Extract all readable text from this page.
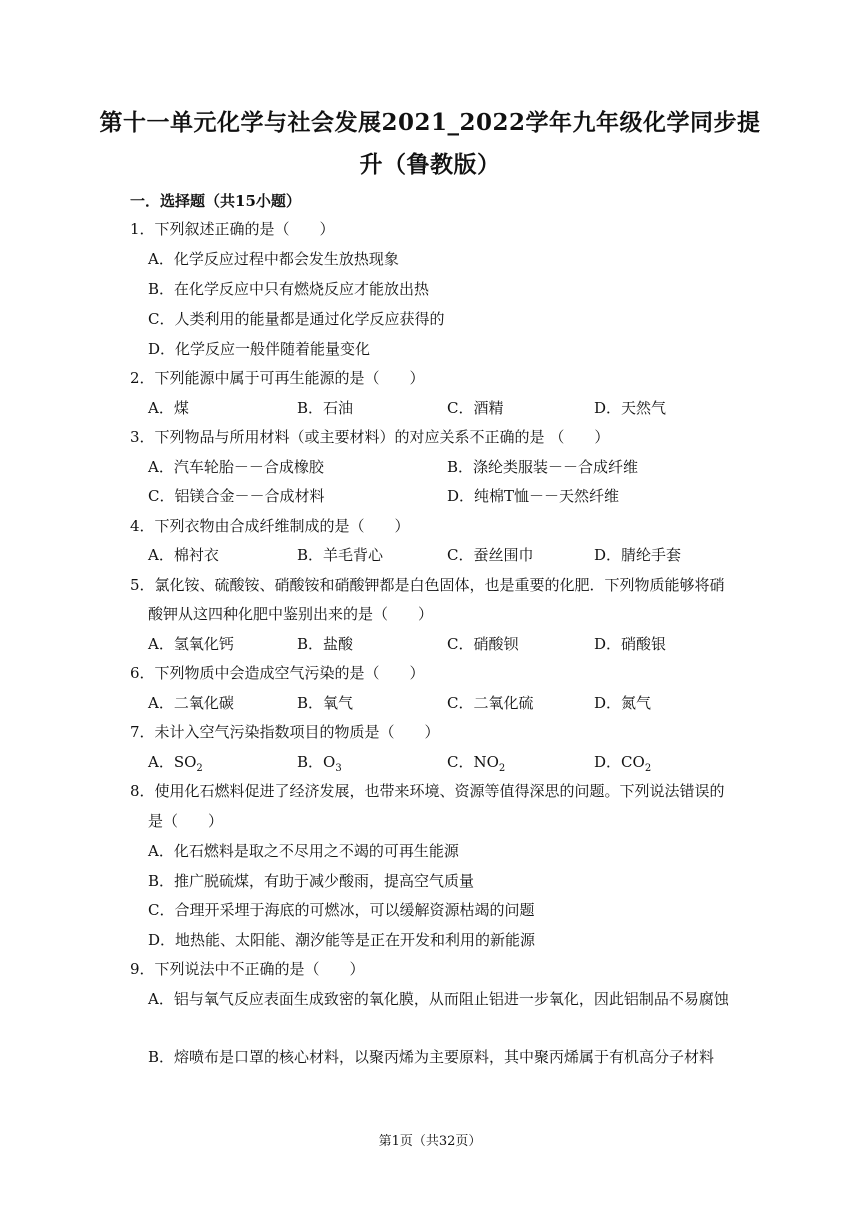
第十一单元化学与社会发展2021_2022学年九年级化学同步提
升（鲁教版）
一．选择题（共15小题）
1．下列叙述正确的是（　　）
A．化学反应过程中都会发生放热现象
B．在化学反应中只有燃烧反应才能放出热
C．人类利用的能量都是通过化学反应获得的
D．化学反应一般伴随着能量变化
2．下列能源中属于可再生能源的是（　　）
A．煤	B．石油	C．酒精	D．天然气
3．下列物品与所用材料（或主要材料）的对应关系不正确的是 （　　）
A．汽车轮胎－－合成橡胶	B．涤纶类服装－－合成纤维
C．铝镁合金－－合成材料	D．纯棉T恤－－天然纤维
4．下列衣物由合成纤维制成的是（　　）
A．棉衬衣	B．羊毛背心	C．蚕丝围巾	D．腈纶手套
5．氯化铵、硫酸铵、硝酸铵和硝酸钾都是白色固体，也是重要的化肥．下列物质能够将硝
酸钾从这四种化肥中鉴别出来的是（　　）
A．氢氧化钙	B．盐酸	C．硝酸钡	D．硝酸银
6．下列物质中会造成空气污染的是（　　）
A．二氧化碳	B．氧气	C．二氧化硫	D．氮气
7．未计入空气污染指数项目的物质是（　　）
A．$SO_2$	B．$O_3$	C．$NO_2$	D．$CO_2$
8．使用化石燃料促进了经济发展，也带来环境、资源等值得深思的问题。下列说法错误的
是（　　）
A．化石燃料是取之不尽用之不竭的可再生能源
B．推广脱硫煤，有助于减少酸雨，提高空气质量
C．合理开采埋于海底的可燃冰，可以缓解资源枯竭的问题
D．地热能、太阳能、潮汐能等是正在开发和利用的新能源
9．下列说法中不正确的是（　　）
A．铝与氧气反应表面生成致密的氧化膜，从而阻止铝进一步氧化，因此铝制品不易腐蚀
B．熔喷布是口罩的核心材料，以聚丙烯为主要原料，其中聚丙烯属于有机高分子材料
第1页（共32页）
